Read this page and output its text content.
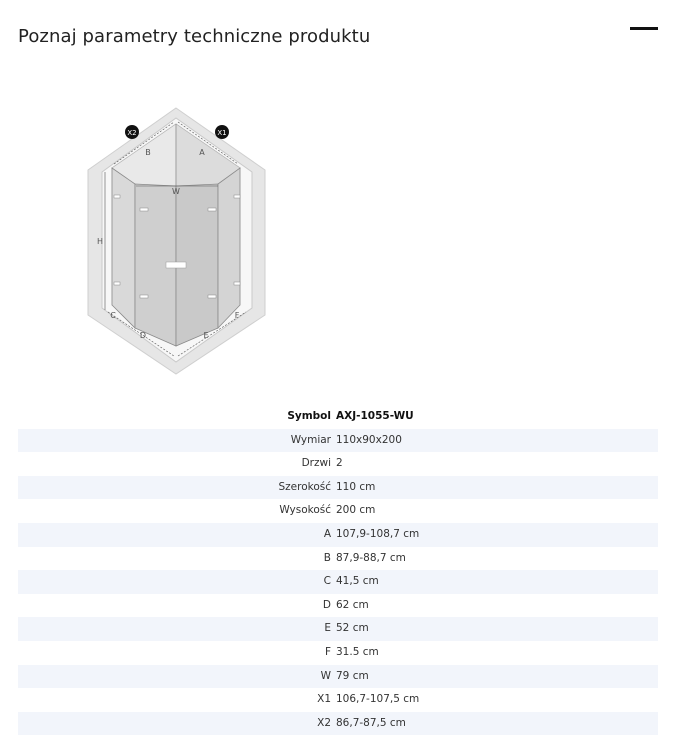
Poznaj parametry techniczne produktu
X2	X1
B	A
W
H
C
D	E
F
Symbol AXJ-1055-WU
Wymiar 110x90x200
Drzwi 2
Szerokość 110 cm
Wysokość 200 cm
A 107,9-108,7 cm
B 87,9-88,7 cm
C 41,5 cm
D 62 cm
E 52 cm
F 31.5 cm
W 79 cm
X1 106,7-107,5 cm
X2 86,7-87,5 cm
